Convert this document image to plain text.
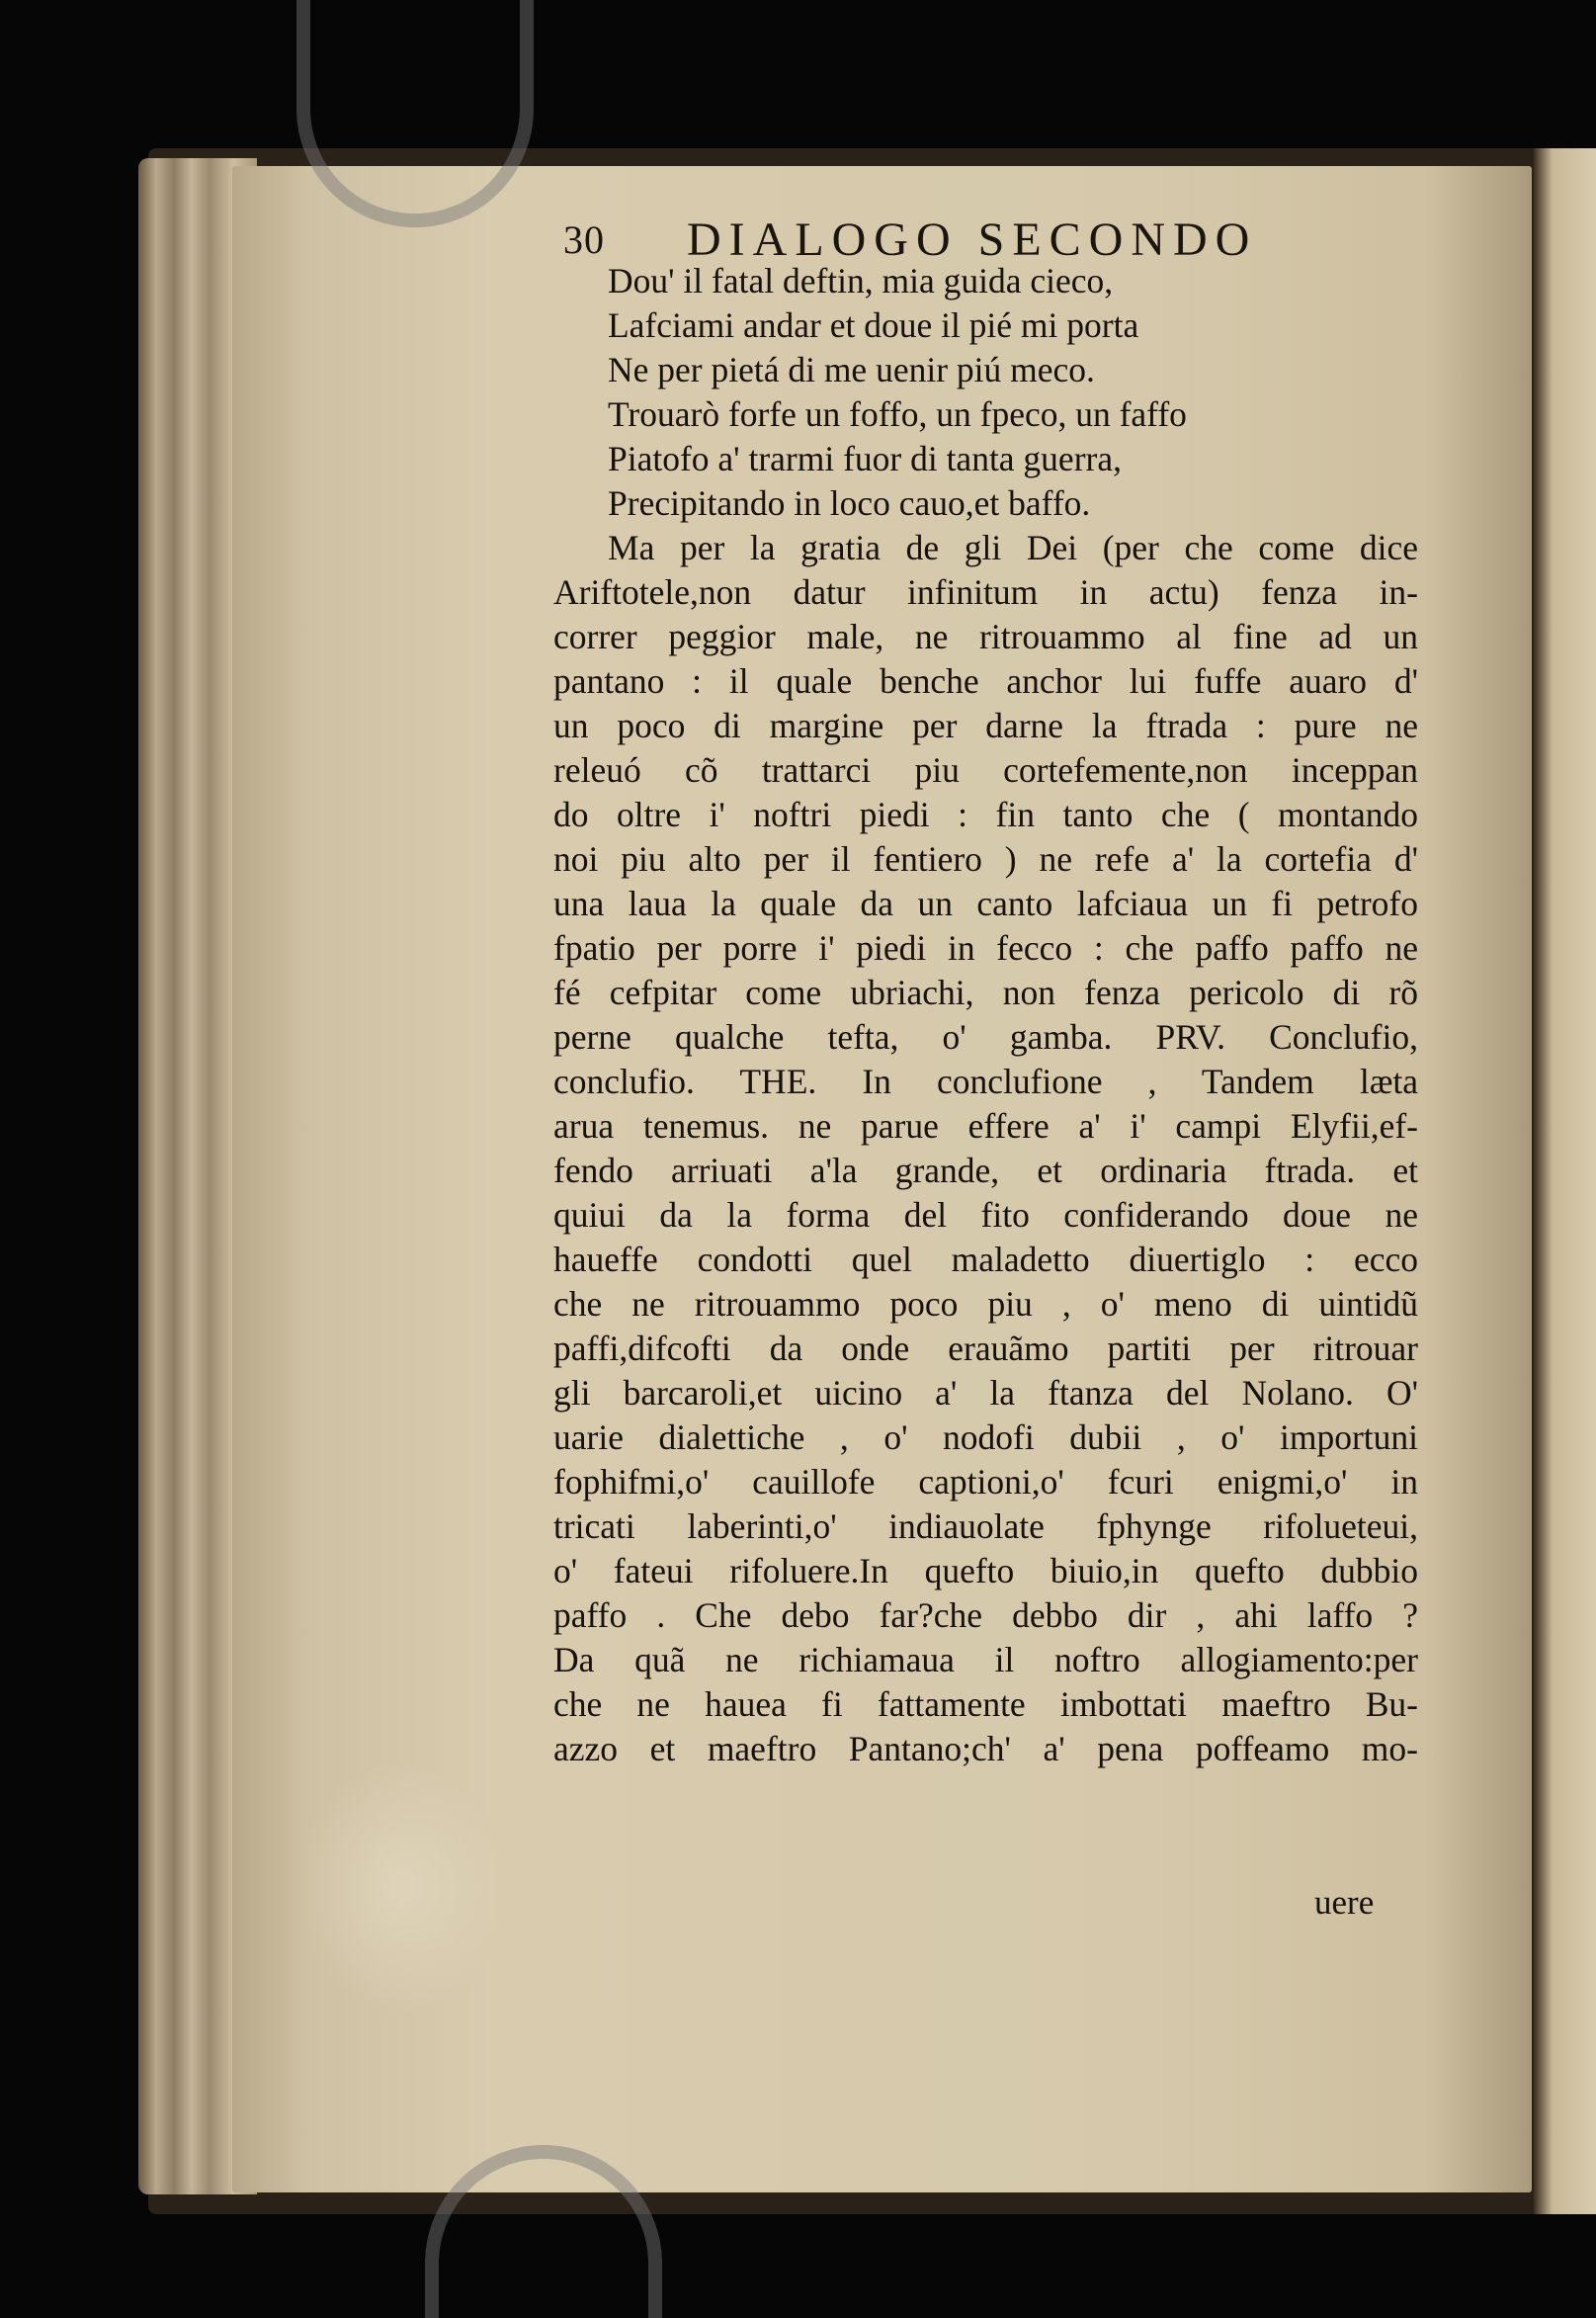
30 DIALOGO SECONDO
Dou' il fatal deftin, mia guida cieco,
Lafciami andar et doue il pié mi porta
Ne per pietá di me uenir piú meco.
Trouarò forfe un foffo, un fpeco, un faffo
Piatofo a' trarmi fuor di tanta guerra,
Precipitando in loco cauo,et baffo.
Ma per la gratia de gli Dei (per che come dice
Ariftotele,non datur infinitum in actu) fenza in-
correr peggior male, ne ritrouammo al fine ad un
pantano : il quale benche anchor lui fuffe auaro d'
un poco di margine per darne la ftrada : pure ne
releuó cõ trattarci piu cortefemente,non inceppan
do oltre i' noftri piedi : fin tanto che ( montando
noi piu alto per il fentiero ) ne refe a' la cortefia d'
una laua la quale da un canto lafciaua un fi petrofo
fpatio per porre i' piedi in fecco : che paffo paffo ne
fé cefpitar come ubriachi, non fenza pericolo di rõ
perne qualche tefta, o' gamba. PRV. Conclufio,
conclufio. THE. In conclufione , Tandem læta
arua tenemus. ne parue effere a' i' campi Elyfii,ef-
fendo arriuati a'la grande, et ordinaria ftrada. et
quiui da la forma del fito confiderando doue ne
haueffe condotti quel maladetto diuertiglo : ecco
che ne ritrouammo poco piu , o' meno di uintidũ
paffi,difcofti da onde erauãmo partiti per ritrouar
gli barcaroli,et uicino a' la ftanza del Nolano. O'
uarie dialettiche , o' nodofi dubii , o' importuni
fophifmi,o' cauillofe captioni,o' fcuri enigmi,o' in
tricati laberinti,o' indiauolate fphynge rifolueteui,
o' fateui rifoluere.In quefto biuio,in quefto dubbio
paffo . Che debo far?che debbo dir , ahi laffo ?
Da quã ne richiamaua il noftro allogiamento:per
che ne hauea fi fattamente imbottati maeftro Bu-
azzo et maeftro Pantano;ch' a' pena poffeamo mo-
uere
